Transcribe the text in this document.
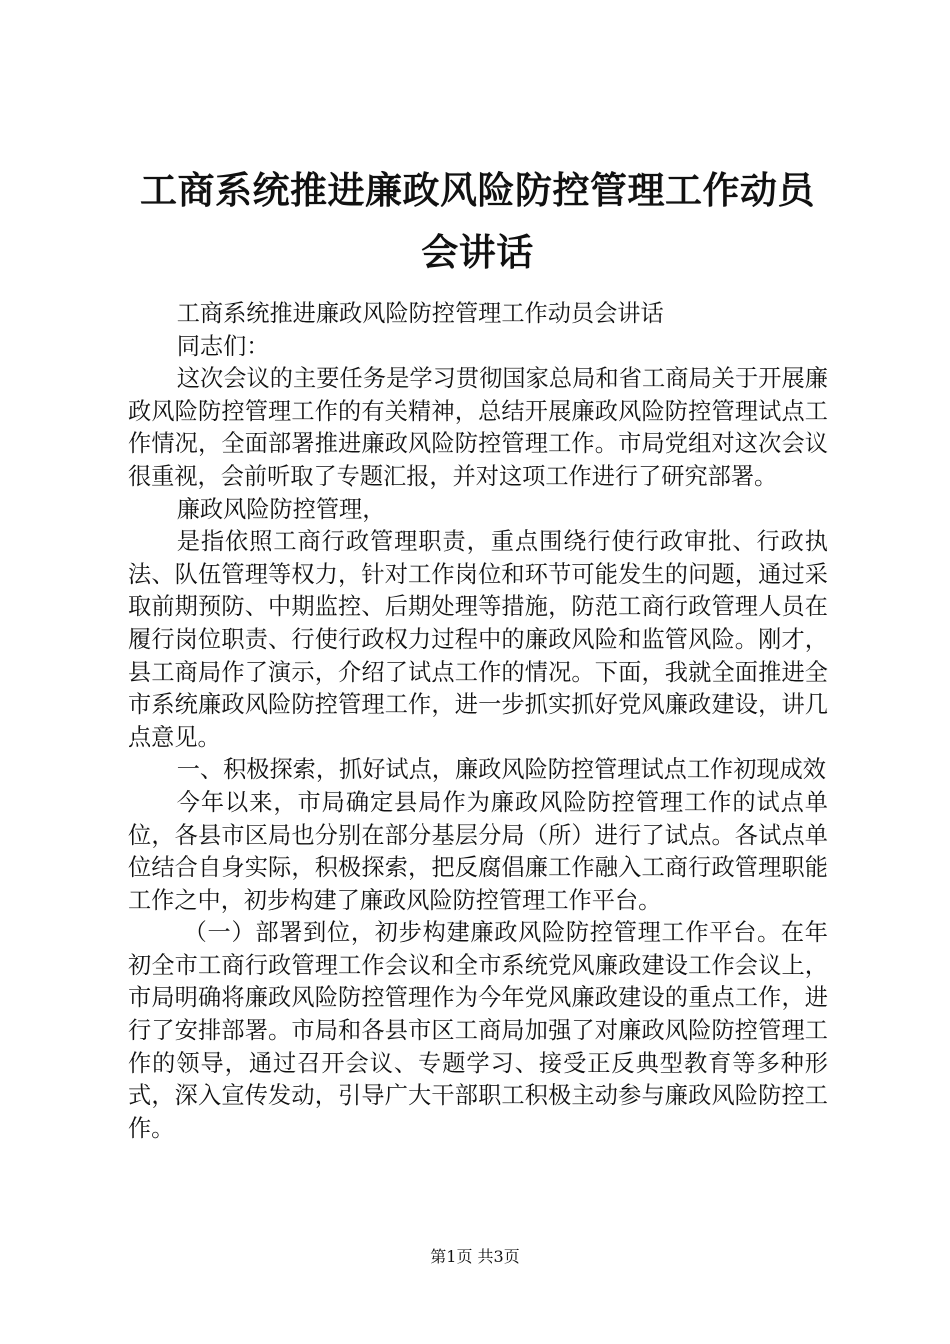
工商系统推进廉政风险防控管理工作动员会讲话

工商系统推进廉政风险防控管理工作动员会讲话

同志们：

这次会议的主要任务是学习贯彻国家总局和省工商局关于开展廉政风险防控管理工作的有关精神，总结开展廉政风险防控管理试点工作情况，全面部署推进廉政风险防控管理工作。市局党组对这次会议很重视，会前听取了专题汇报，并对这项工作进行了研究部署。

廉政风险防控管理，

是指依照工商行政管理职责，重点围绕行使行政审批、行政执法、队伍管理等权力，针对工作岗位和环节可能发生的问题，通过采取前期预防、中期监控、后期处理等措施，防范工商行政管理人员在履行岗位职责、行使行政权力过程中的廉政风险和监管风险。刚才，县工商局作了演示，介绍了试点工作的情况。下面，我就全面推进全市系统廉政风险防控管理工作，进一步抓实抓好党风廉政建设，讲几点意见。

一、积极探索，抓好试点，廉政风险防控管理试点工作初现成效

今年以来，市局确定县局作为廉政风险防控管理工作的试点单位，各县市区局也分别在部分基层分局（所）进行了试点。各试点单位结合自身实际，积极探索，把反腐倡廉工作融入工商行政管理职能工作之中，初步构建了廉政风险防控管理工作平台。

（一）部署到位，初步构建廉政风险防控管理工作平台。在年初全市工商行政管理工作会议和全市系统党风廉政建设工作会议上，市局明确将廉政风险防控管理作为今年党风廉政建设的重点工作，进行了安排部署。市局和各县市区工商局加强了对廉政风险防控管理工作的领导，通过召开会议、专题学习、接受正反典型教育等多种形式，深入宣传发动，引导广大干部职工积极主动参与廉政风险防控工作。

第1页 共3页
